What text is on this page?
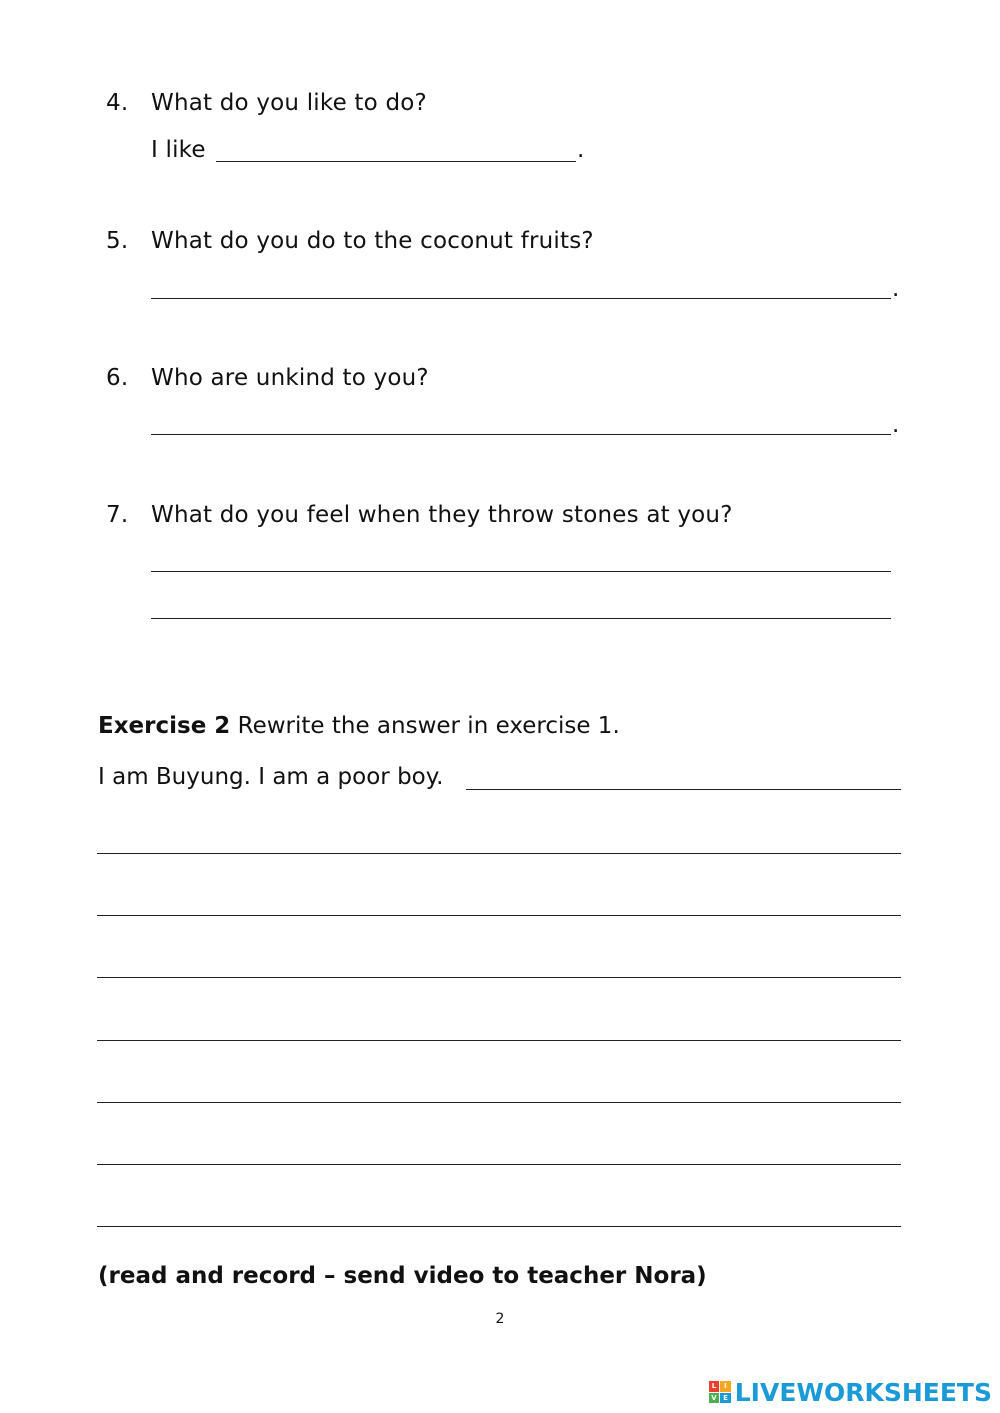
4. What do you like to do?
I like	.
5. What do you do to the coconut fruits?
.
6. Who are unkind to you?
.
7. What do you feel when they throw stones at you?
Exercise 2 Rewrite the answer in exercise 1.
I am Buyung. I am a poor boy.
(read and record – send video to teacher Nora)
2
L	I
V E LIVEWORKSHEETS
